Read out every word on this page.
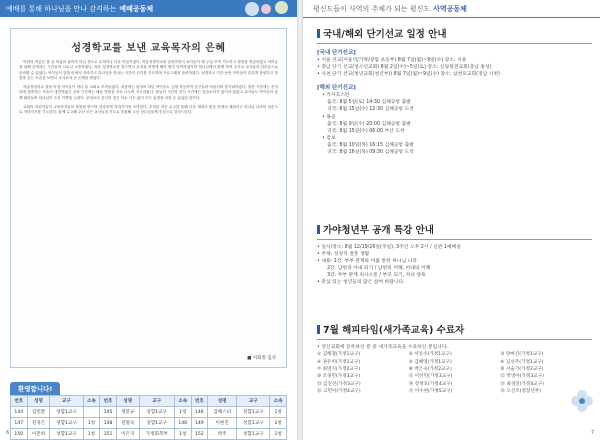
예배를 통해 하나님을 만나 감격하는 예배공동체
성경학교를 보낸 교육목자의 은혜

이번의 여름은 참 유 비율의 날씨가 아닐 정도로 무척이나 더운 여름이었다. 여름성경학교를 준비하면서 교사들이 매 주일 모여 기도하고 찬양을 연습하였고 아이들을 위해 준비하는 시간들이 너무나 소중하였다. 처음 성경학교를 맡으면서 무엇을 어떻게 해야 할지 막막하였지만 하나님께서 함께 하여 주셔서 교사들과 한마음으로 준비할 수 있었다. 아이들이 말씀 안에서 자라가고 하나님을 만나는 시간이 되기를 기도하며 프로그램을 준비하였다. 성경학교 기간 동안 아이들이 즐겁게 찬양하고 말씀을 듣는 모습을 보면서 교사로서 큰 은혜를 받았다.

여름성경학교 첫날 아침 아이들이 하나 둘 교회로 모여들었다. 처음에는 낯설어 하던 아이들도 금세 적응하여 친구들과 어울리며 즐거워하였다. 말씀 시간에는 진지하게 집중하는 모습이 대견하였고 공과 시간에는 배운 말씀을 서로 나누며 기도하였다. 물놀이 시간과 간식 시간에는 웃음소리가 끊이지 않았고 교사들도 아이들과 함께 뛰어놀며 하나님이 주신 기쁨을 누렸다. 무엇보다 감사한 것은 아무 사고 없이 모든 일정을 마칠 수 있었던 것이다.

교회의 어린이들이 교육목자들의 돌봄을 받으며 건강하게 자라가기를 소망한다. 우리의 작은 수고를 통해 다음 세대가 믿음 안에서 세워지고 하나님 나라의 일꾼으로 자라가기를 기도한다. 함께 수고해 주신 모든 교사들과 기도로 후원해 주신 성도님들께 진심으로 감사드린다.

■ 이화정 집사
환영합니다!
번호	성명	교구	소속	번호	성명	교구	소속	번호	성명	교구	소속
144	김민환	성합1교구		145	정봉규	성합1교구	1청	146	김해스터	성합1교구	1청
147	전경은	성합1교구	1청	148	전명숙	성합1교구	148	149	이현진	성합1교구	1청
150	이춘희	성합1교구	1청	151	이은지	가정회복부	1청	152	박주	성합1교구	1청
6
평신도들이 사역의 주체가 되는 평신도 사역공동체
국내/해외 단기선교 일정 안내
[국내 단기선교]
• 서울 선교(서울역/가락/광림 초등부) 8월 7일(월)~9일(수) 장소: 서울
• 충남 단기 선교(청소년교회) 8월 2일(수)~5일(토) 장소: 신당북전교회(충남 홍성)
• 사천 단기 선교(청년교회(청년부)) 8월 7일(월)~9일(수) 장소: 삼천포교회(경남 사천)
[해외 단기선교]
• 카자흐스탄
출국: 8월 5일(토) 14:30 김해공항 출발
귀국: 8월 15일(수) 12:30 김해공항 도착
• 몽골
출국: 8월 9일(수) 20:00 김해공항 출발
귀국: 8월 15일(수) 06:00 부산 도착
• 캄보
출국: 8월 10일(목) 16:15 김해공항 출발
귀국: 8월 16일(목) 09:30 김해공항 도착
가야청년부 공개 특강 안내
• 일시/장소: 8월 12/19/26일(주일), 3주간 오후 2시 / 신관 1예배실
• 주제: 성경적 결혼 생활
• 내용: 1강. 부부 관계와 이를 통한 하나님 나라
2강. 남편과 아내 되기 / 남편의 이해, 아내의 이해
3강. 부부 관계 의사소통 / 부모 되기, 자녀 양육
• 관심 있는 청년들의 많은 참여 바랍니다.
7월 해피타임(새가족교육) 수료자
• 영산교회에 등록하신 분 중 새가족교육을 수료하신 분입니다.
① 김해철(가정1교구)	② 서동수(가정1교구)	③ 양마진(가정1교구)
④ 권유미(가정1교구)	⑤ 김혜영(가정1교구)	⑥ 김선주(가정1교구)
⑦ 최영지(가정2교구)	⑧ 박은숙(가정2교구)	⑨ 서슬기(가정2교구)
⑩ 조경민(가정3교구)	⑪ 이선민(가정3교구)	⑫ 박영아(가정3교구)
⑬ 김진선(가정3교구)	⑭ 강정호(가정4교구)	⑮ 최경연(가정4교구)
⑯ 고민아(가정4교구)	⑰ 이수현(가정5교구)	⑱ 오신조(청장년부)
7
